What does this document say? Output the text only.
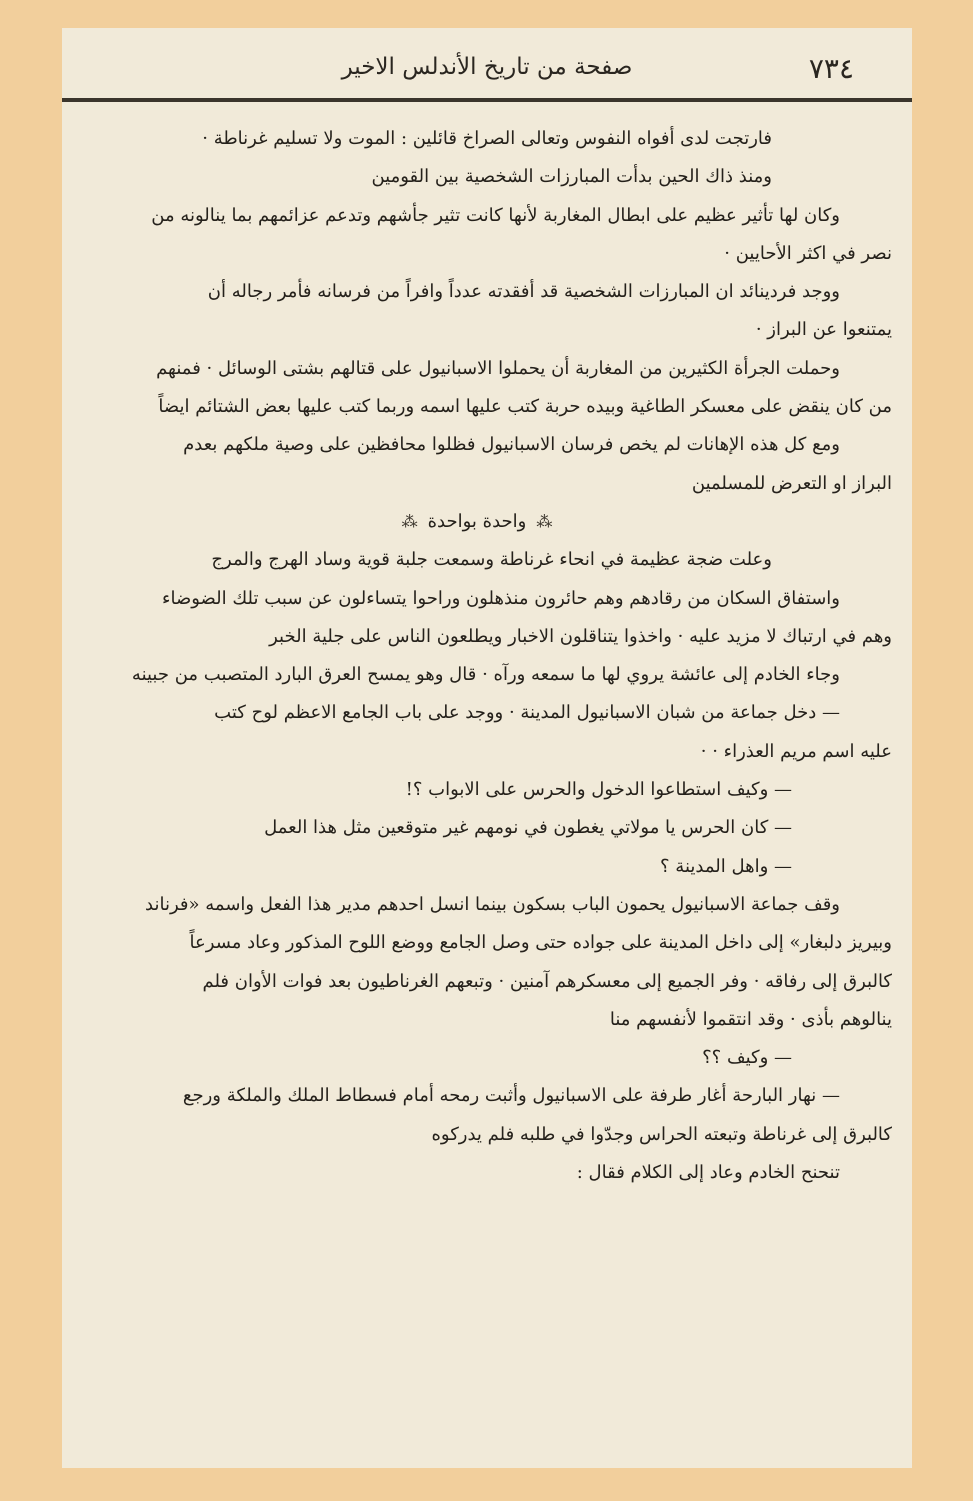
٧٣٤
صفحة من تاريخ الأندلس الاخير
فارتجت لدى أفواه النفوس وتعالى الصراخ قائلين : الموت ولا تسليم غرناطة ·
ومنذ ذاك الحين بدأت المبارزات الشخصية بين القومين
وكان لها تأثير عظيم على ابطال المغاربة لأنها كانت تثير جأشهم وتدعم عزائمهم بما ينالونه من
نصر في اكثر الأحايين ·
ووجد فردينائد ان المبارزات الشخصية قد أفقدته عدداً وافراً من فرسانه فأمر رجاله أن
يمتنعوا عن البراز ·
وحملت الجرأة الكثيرين من المغاربة أن يحملوا الاسبانيول على قتالهم بشتى الوسائل · فمنهم
من كان ينقض على معسكر الطاغية وبيده حربة كتب عليها اسمه وربما كتب عليها بعض الشتائم ايضاً
ومع كل هذه الإهانات لم يخص فرسان الاسبانيول فظلوا محافظين على وصية ملكهم بعدم
البراز او التعرض للمسلمين
⁂واحدة بواحدة⁂
وعلت ضجة عظيمة في انحاء غرناطة وسمعت جلبة قوية وساد الهرج والمرج
واستفاق السكان من رقادهم وهم حائرون منذهلون وراحوا يتساءلون عن سبب تلك الضوضاء
وهم في ارتباك لا مزيد عليه · واخذوا يتناقلون الاخبار ويطلعون الناس على جلية الخبر
وجاء الخادم إلى عائشة يروي لها ما سمعه ورآه · قال وهو يمسح العرق البارد المتصبب من جبينه
— دخل جماعة من شبان الاسبانيول المدينة · ووجد على باب الجامع الاعظم لوح كتب
عليه اسم مريم العذراء · ·
— وكيف استطاعوا الدخول والحرس على الابواب ؟!
— كان الحرس يا مولاتي يغطون في نومهم غير متوقعين مثل هذا العمل
— واهل المدينة ؟
وقف جماعة الاسبانيول يحمون الباب بسكون بينما انسل احدهم مدير هذا الفعل واسمه «فرناند
وبيريز دلبغار» إلى داخل المدينة على جواده حتى وصل الجامع ووضع اللوح المذكور وعاد مسرعاً
كالبرق إلى رفاقه · وفر الجميع إلى معسكرهم آمنين · وتبعهم الغرناطيون بعد فوات الأوان فلم
ينالوهم بأذى · وقد انتقموا لأنفسهم منا
— وكيف ؟؟
— نهار البارحة أغار طرفة على الاسبانيول وأثبت رمحه أمام فسطاط الملك والملكة ورجع
كالبرق إلى غرناطة وتبعته الحراس وجدّوا في طلبه فلم يدركوه
تنحنح الخادم وعاد إلى الكلام فقال :
